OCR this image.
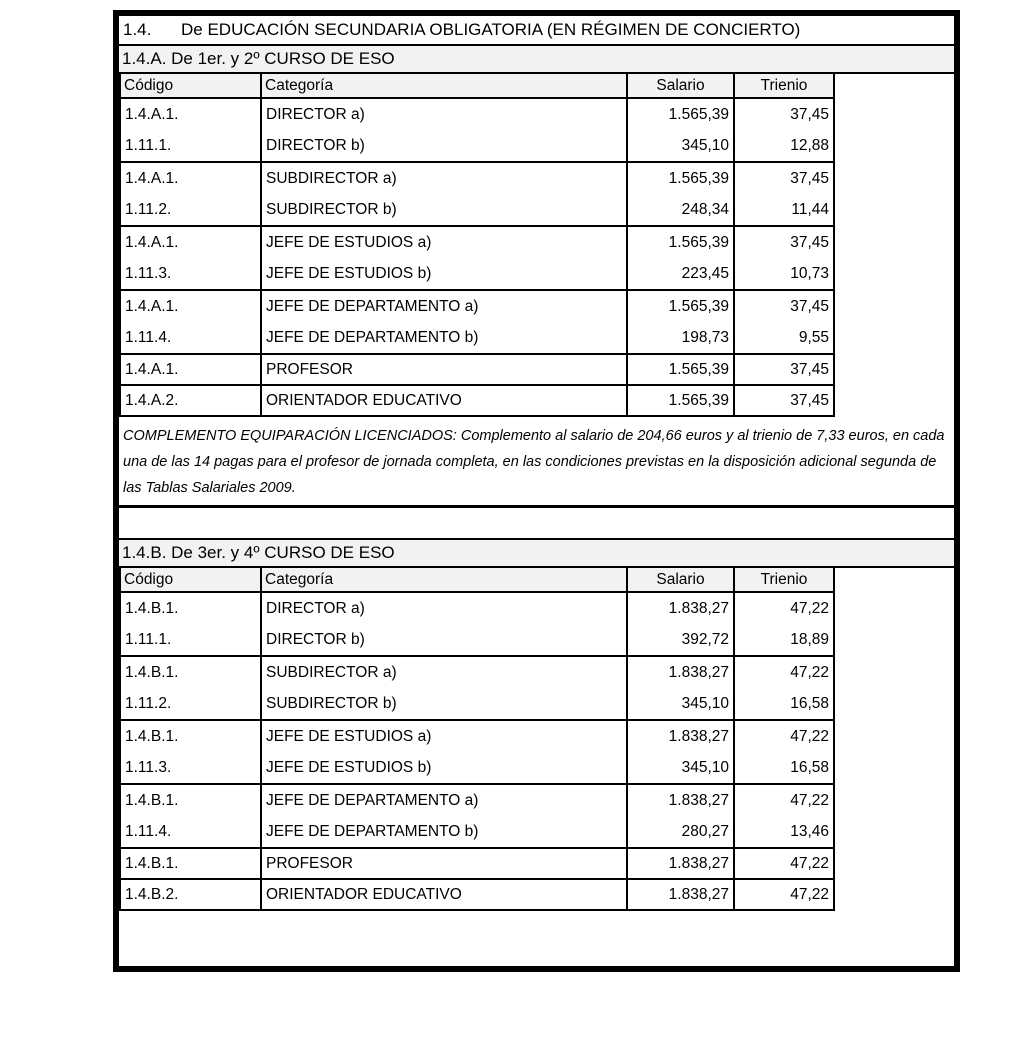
1.4.	De EDUCACIÓN SECUNDARIA OBLIGATORIA (EN RÉGIMEN DE CONCIERTO)
1.4.A. De 1er. y 2º CURSO DE ESO
Código	Categoría	Salario	Trienio
1.4.A.1.	DIRECTOR a)	1.565,39	37,45
1.11.1.	DIRECTOR b)	345,10	12,88
1.4.A.1.	SUBDIRECTOR a)	1.565,39	37,45
1.11.2.	SUBDIRECTOR b)	248,34	11,44
1.4.A.1.	JEFE DE ESTUDIOS a)	1.565,39	37,45
1.11.3.	JEFE DE ESTUDIOS b)	223,45	10,73
1.4.A.1.	JEFE DE DEPARTAMENTO a)	1.565,39	37,45
1.11.4.	JEFE DE DEPARTAMENTO b)	198,73	9,55
1.4.A.1.	PROFESOR	1.565,39	37,45
1.4.A.2.	ORIENTADOR EDUCATIVO	1.565,39	37,45
COMPLEMENTO EQUIPARACIÓN LICENCIADOS: Complemento al salario de 204,66 euros y al trienio de 7,33 euros, en cada una de las 14 pagas para el profesor de jornada completa, en las condiciones previstas en la disposición adicional segunda de las Tablas Salariales 2009.
1.4.B. De 3er. y 4º CURSO DE ESO
Código	Categoría	Salario	Trienio
1.4.B.1.	DIRECTOR a)	1.838,27	47,22
1.11.1.	DIRECTOR b)	392,72	18,89
1.4.B.1.	SUBDIRECTOR a)	1.838,27	47,22
1.11.2.	SUBDIRECTOR b)	345,10	16,58
1.4.B.1.	JEFE DE ESTUDIOS a)	1.838,27	47,22
1.11.3.	JEFE DE ESTUDIOS b)	345,10	16,58
1.4.B.1.	JEFE DE DEPARTAMENTO a)	1.838,27	47,22
1.11.4.	JEFE DE DEPARTAMENTO b)	280,27	13,46
1.4.B.1.	PROFESOR	1.838,27	47,22
1.4.B.2.	ORIENTADOR EDUCATIVO	1.838,27	47,22
